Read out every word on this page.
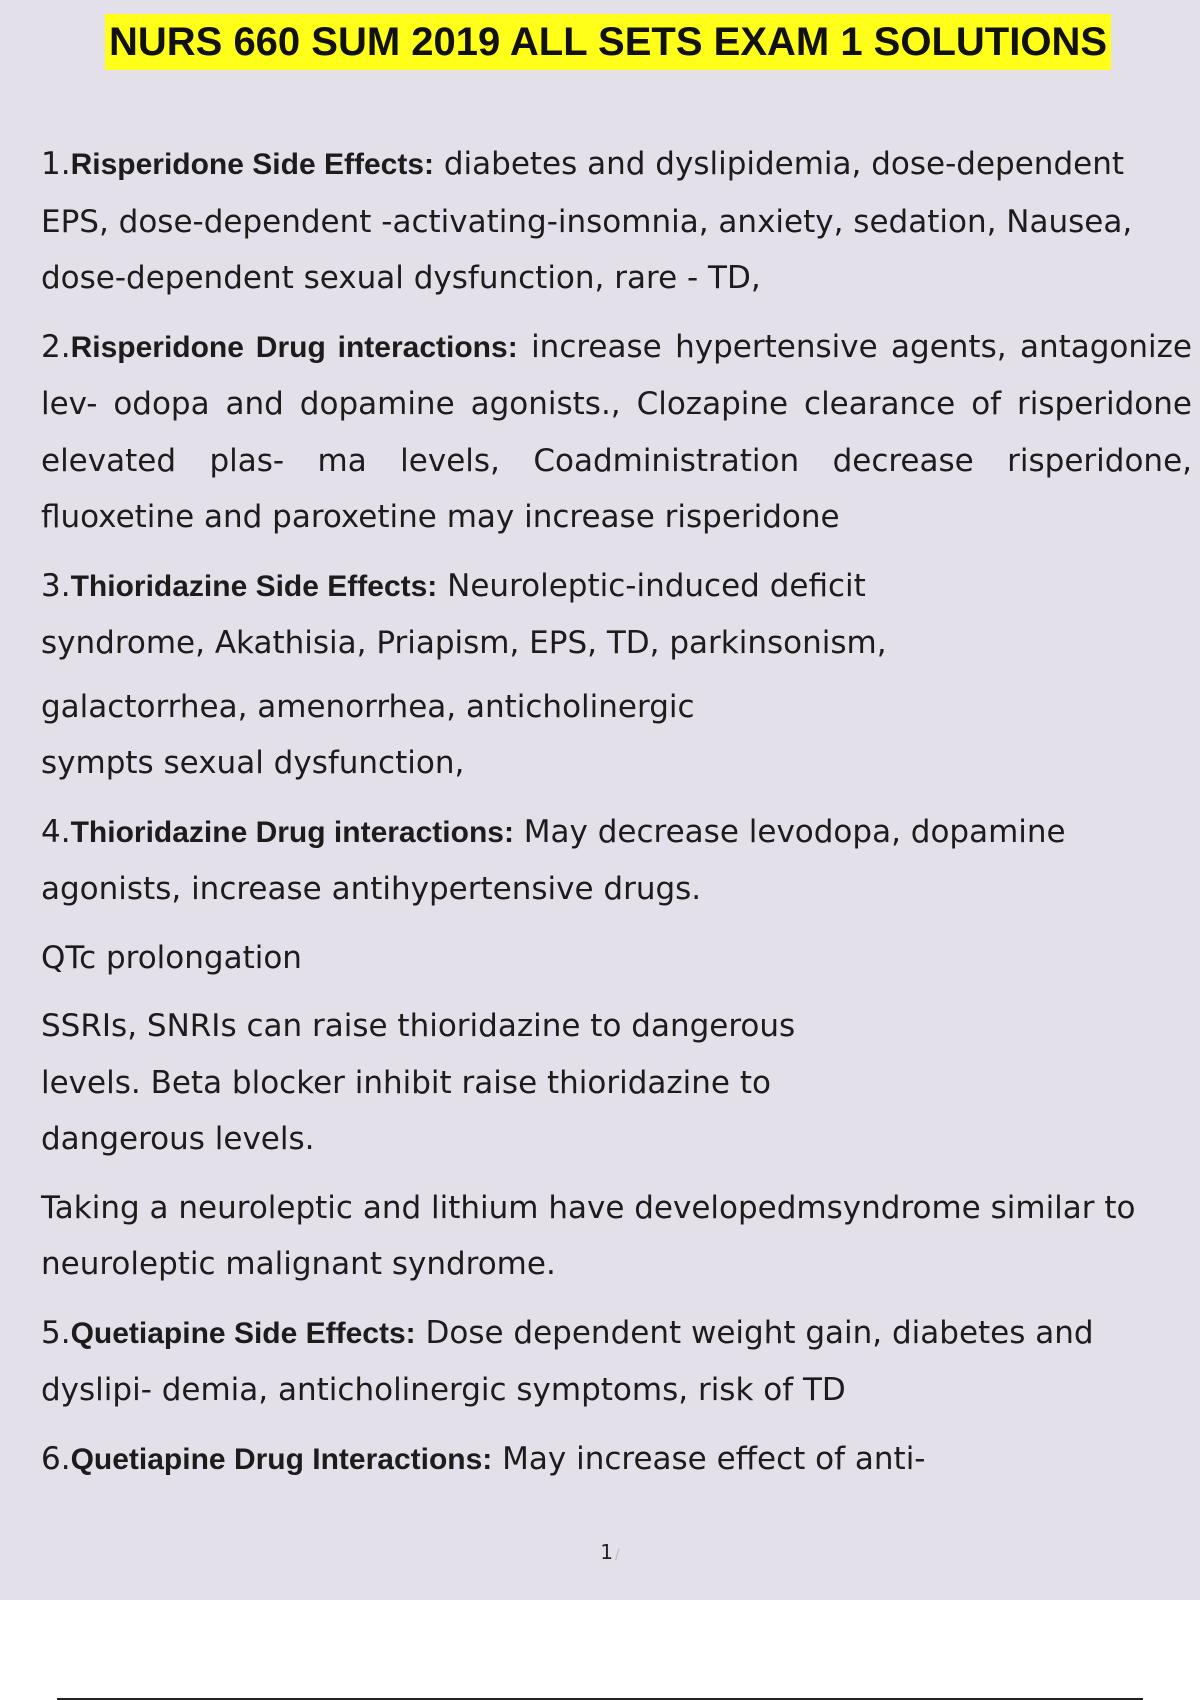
NURS 660 SUM 2019 ALL SETS EXAM 1 SOLUTIONS

1.Risperidone Side Effects: diabetes and dyslipidemia, dose-dependent EPS, dose-dependent -activating-insomnia, anxiety, sedation, Nausea, dose-dependent sexual dysfunction, rare - TD,

2.Risperidone Drug interactions: increase hypertensive agents, antagonize lev- odopa and dopamine agonists., Clozapine clearance of risperidone elevated plas- ma levels, Coadministration decrease risperidone, fluoxetine and paroxetine may increase risperidone

3.Thioridazine Side Effects: Neuroleptic-induced deficit
syndrome, Akathisia, Priapism, EPS, TD, parkinsonism,

galactorrhea, amenorrhea, anticholinergic
sympts sexual dysfunction,

4.Thioridazine Drug interactions: May decrease levodopa, dopamine agonists, increase antihypertensive drugs.

QTc prolongation

SSRIs, SNRIs can raise thioridazine to dangerous
levels. Beta blocker inhibit raise thioridazine to
dangerous levels.

Taking a neuroleptic and lithium have developedmsyndrome similar to neuroleptic malignant syndrome.

5.Quetiapine Side Effects: Dose dependent weight gain, diabetes and dyslipi- demia, anticholinergic symptoms, risk of TD

6.Quetiapine Drug Interactions: May increase effect of anti-

1 /
